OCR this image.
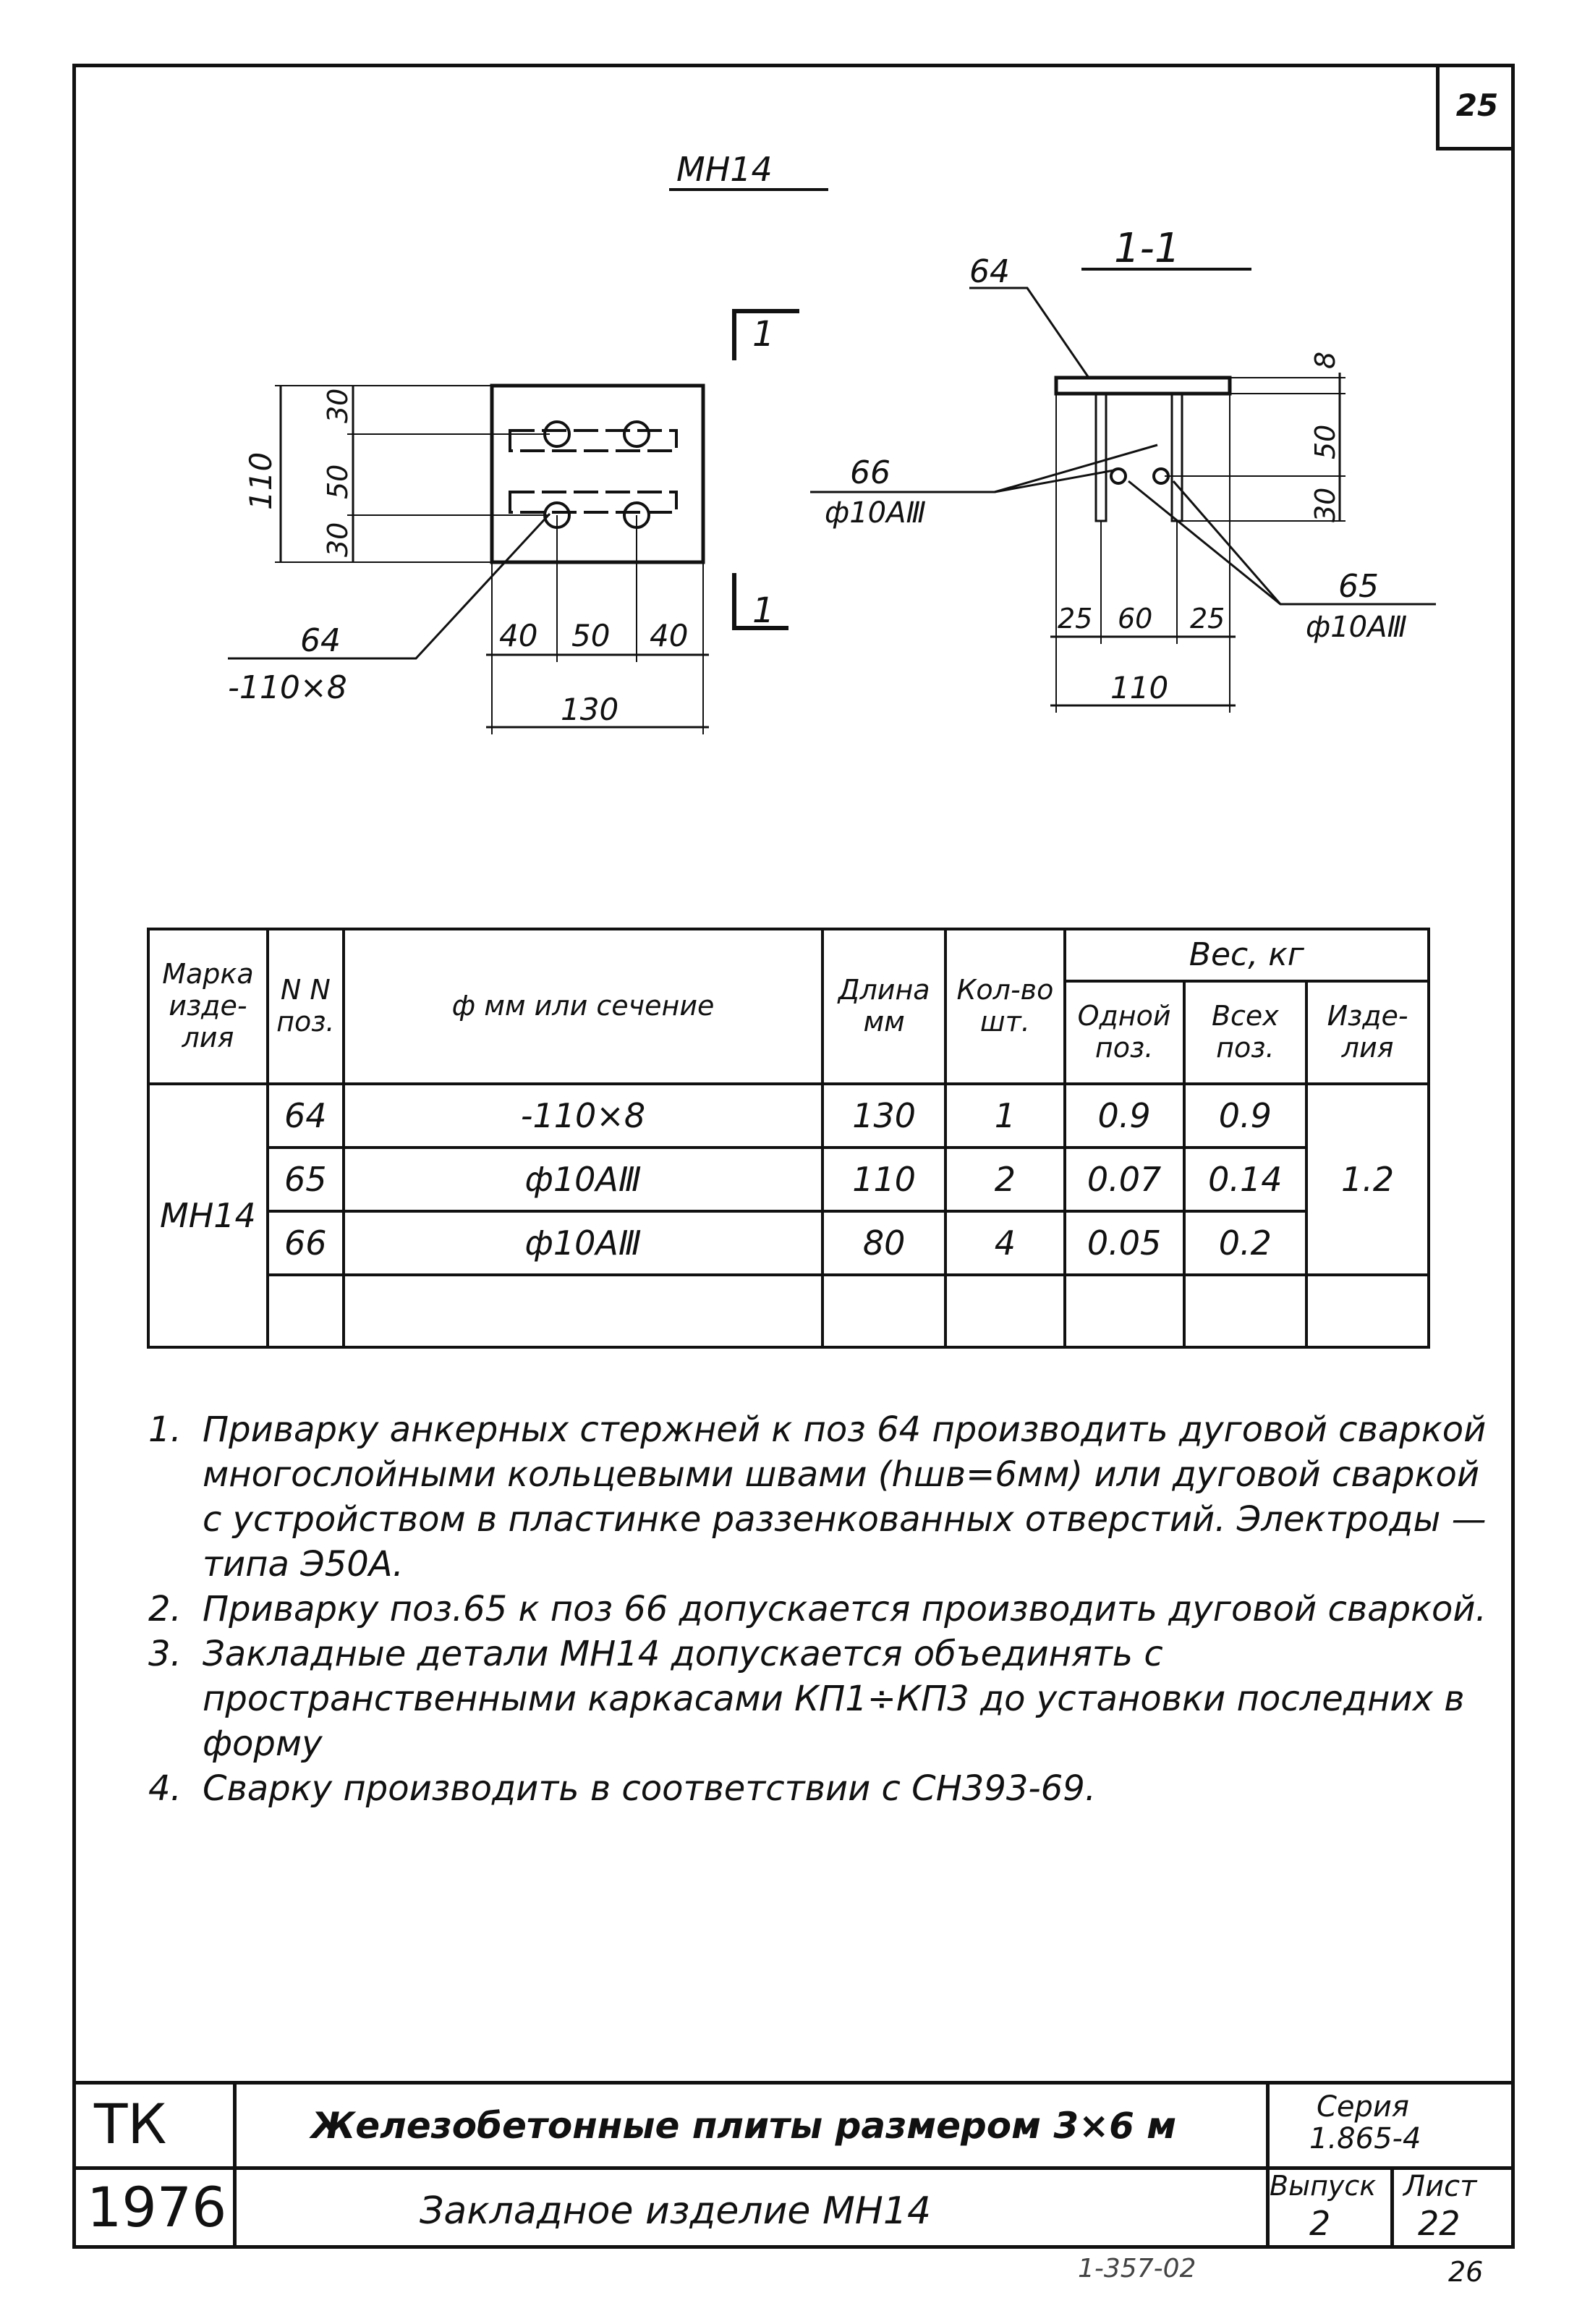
25
МН14
1-1
1
1
110
30
50
30
40 50 40
130
64
-110×8
64
8
50
30
66
ф10АⅢ
65
ф10АⅢ
25 60 25
110
Марка изде-лия	N N поз.	ф мм или сечение	Длина мм	Кол-во шт.	Вес, кг		
					Одной поз.	Всех поз.	Изде-лия
МН14	64	-110×8	130	1	0.9	0.9	1.2
	65	ф10АⅢ	110	2	0.07	0.14	
	66	ф10АⅢ	80	4	0.05	0.2	

1. Приварку анкерных стержней к поз 64 производить дуговой сваркой многослойными кольцевыми швами (hшв=6мм) или дуговой сваркой с устройством в пластинке раззенкованных отверстий. Электроды — типа Э50А.
2. Приварку поз.65 к поз 66 допускается производить дуговой сваркой.
3. Закладные детали МН14 допускается объединять с пространственными каркасами КП1÷КП3 до установки последних в форму
4. Сварку производить в соответствии с СН393-69.
ТК
1976
Железобетонные плиты размером 3×6 м
Закладное изделие МН14
Серия
1.865-4
Выпуск
2
Лист
22
1-357-02	26
